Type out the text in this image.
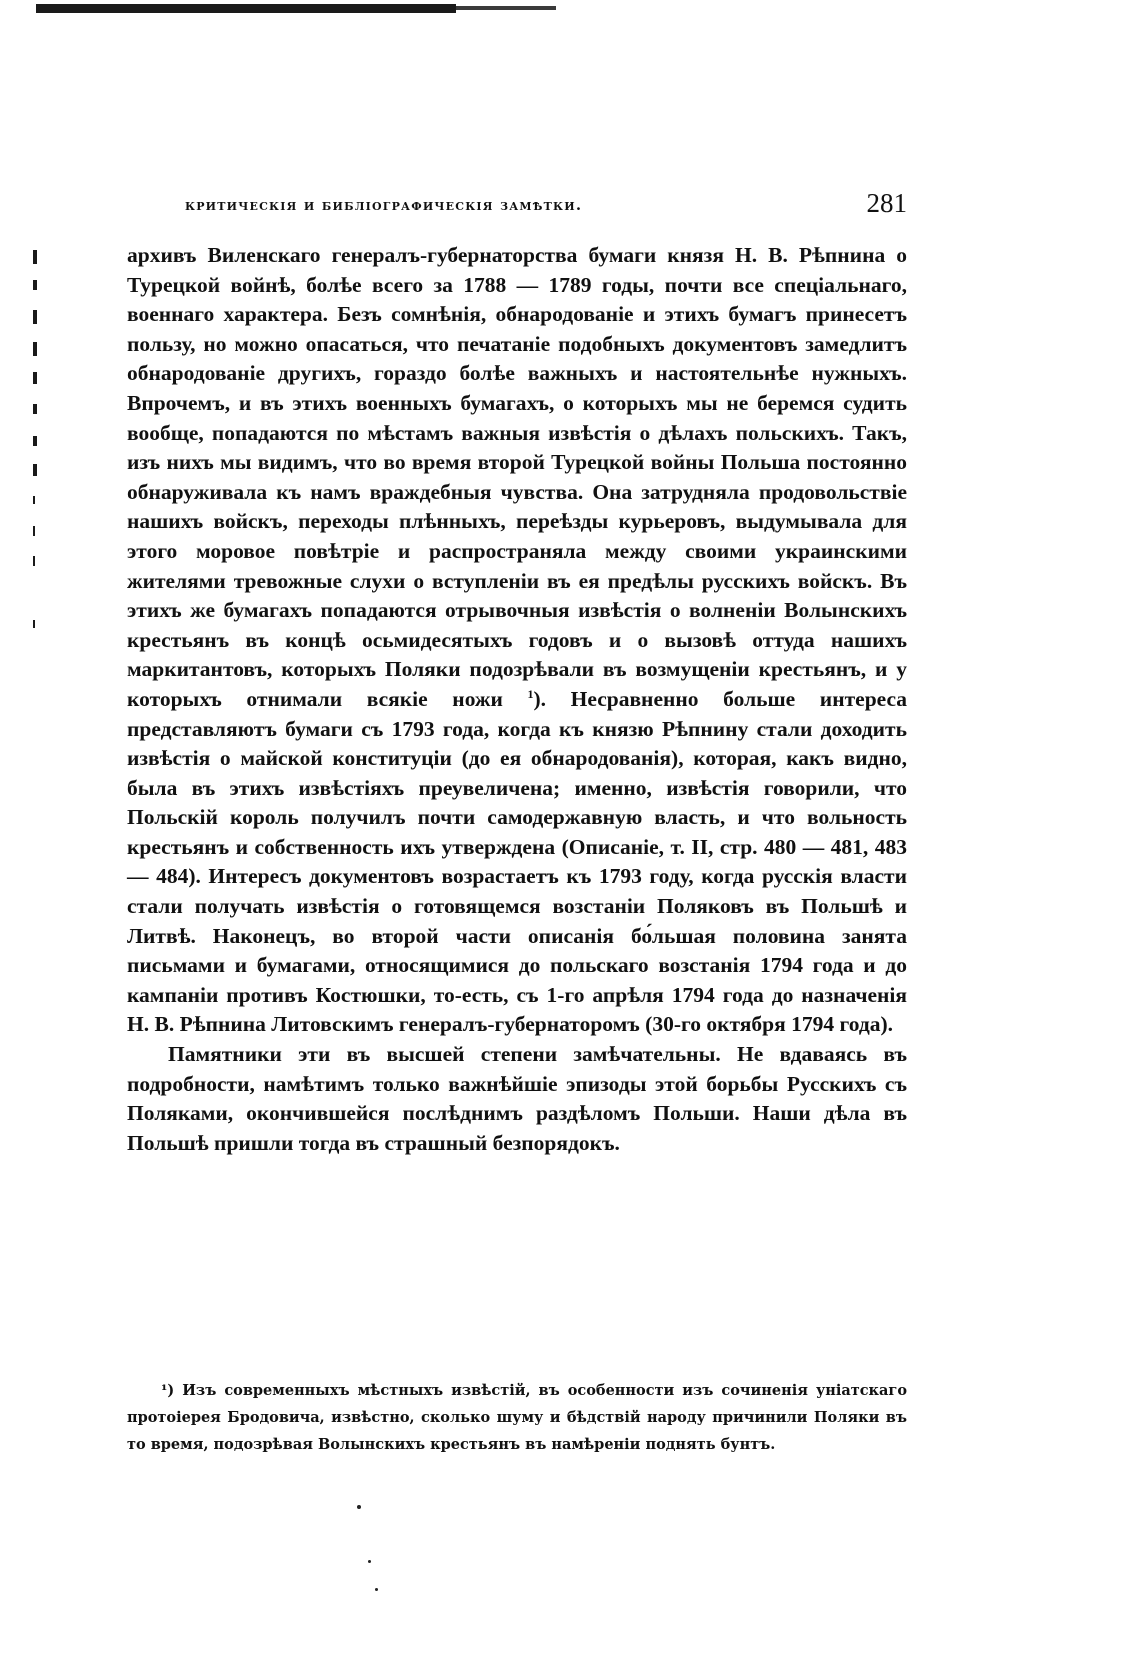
критическія и библіографическія замѣтки.	281

архивъ Виленскаго генералъ-губернаторства бумаги князя Н. В. Рѣпнина о Турецкой войнѣ, болѣе всего за 1788 — 1789 годы, почти все спеціальнаго, военнаго характера. Безъ сомнѣнія, обнародованіе и этихъ бумагъ принесетъ пользу, но можно опасаться, что печатаніе подобныхъ документовъ замедлитъ обнародованіе другихъ, гораздо болѣе важныхъ и настоятельнѣе нужныхъ. Впрочемъ, и въ этихъ военныхъ бумагахъ, о которыхъ мы не беремся судить вообще, попадаются по мѣстамъ важныя извѣстія о дѣлахъ польскихъ. Такъ, изъ нихъ мы видимъ, что во время второй Турецкой войны Польша постоянно обнаруживала къ намъ враждебныя чувства. Она затрудняла продовольствіе нашихъ войскъ, переходы плѣнныхъ, переѣзды курьеровъ, выдумывала для этого моровое повѣтріе и распространяла между своими украинскими жителями тревожные слухи о вступленіи въ ея предѣлы русскихъ войскъ. Въ этихъ же бумагахъ попадаются отрывочныя извѣстія о волненіи Волынскихъ крестьянъ въ концѣ осьмидесятыхъ годовъ и о вызовѣ оттуда нашихъ маркитантовъ, которыхъ Поляки подозрѣвали въ возмущеніи крестьянъ, и у которыхъ отнимали всякіе ножи $^1$). Несравненно больше интереса представляютъ бумаги съ 1793 года, когда къ князю Рѣпнину стали доходить извѣстія о майской конституціи (до ея обнародованія), которая, какъ видно, была въ этихъ извѣстіяхъ преувеличена; именно, извѣстія говорили, что Польскій король получилъ почти самодержавную власть, и что вольность крестьянъ и собственность ихъ утверждена (Описаніе, т. II, стр. 480 — 481, 483 — 484). Интересъ документовъ возрастаетъ къ 1793 году, когда русскія власти стали получать извѣстія о готовящемся возстаніи Поляковъ въ Польшѣ и Литвѣ. Наконецъ, во второй части описанія бо́льшая половина занята письмами и бумагами, относящимися до польскаго возстанія 1794 года и до кампаніи противъ Костюшки, то-есть, съ 1-го апрѣля 1794 года до назначенія Н. В. Рѣпнина Литовскимъ генералъ-губернаторомъ (30-го октября 1794 года).

Памятники эти въ высшей степени замѣчательны. Не вдаваясь въ подробности, намѣтимъ только важнѣйшіе эпизоды этой борьбы Русскихъ съ Поляками, окончившейся послѣднимъ раздѣломъ Польши. Наши дѣла въ Польшѣ пришли тогда въ страшный безпорядокъ.

¹) Изъ современныхъ мѣстныхъ извѣстій, въ особенности изъ сочиненія уніатскаго протоіерея Бродовича, извѣстно, сколько шуму и бѣдствій народу причинили Поляки въ то время, подозрѣвая Волынскихъ крестьянъ въ намѣреніи поднять бунтъ.
